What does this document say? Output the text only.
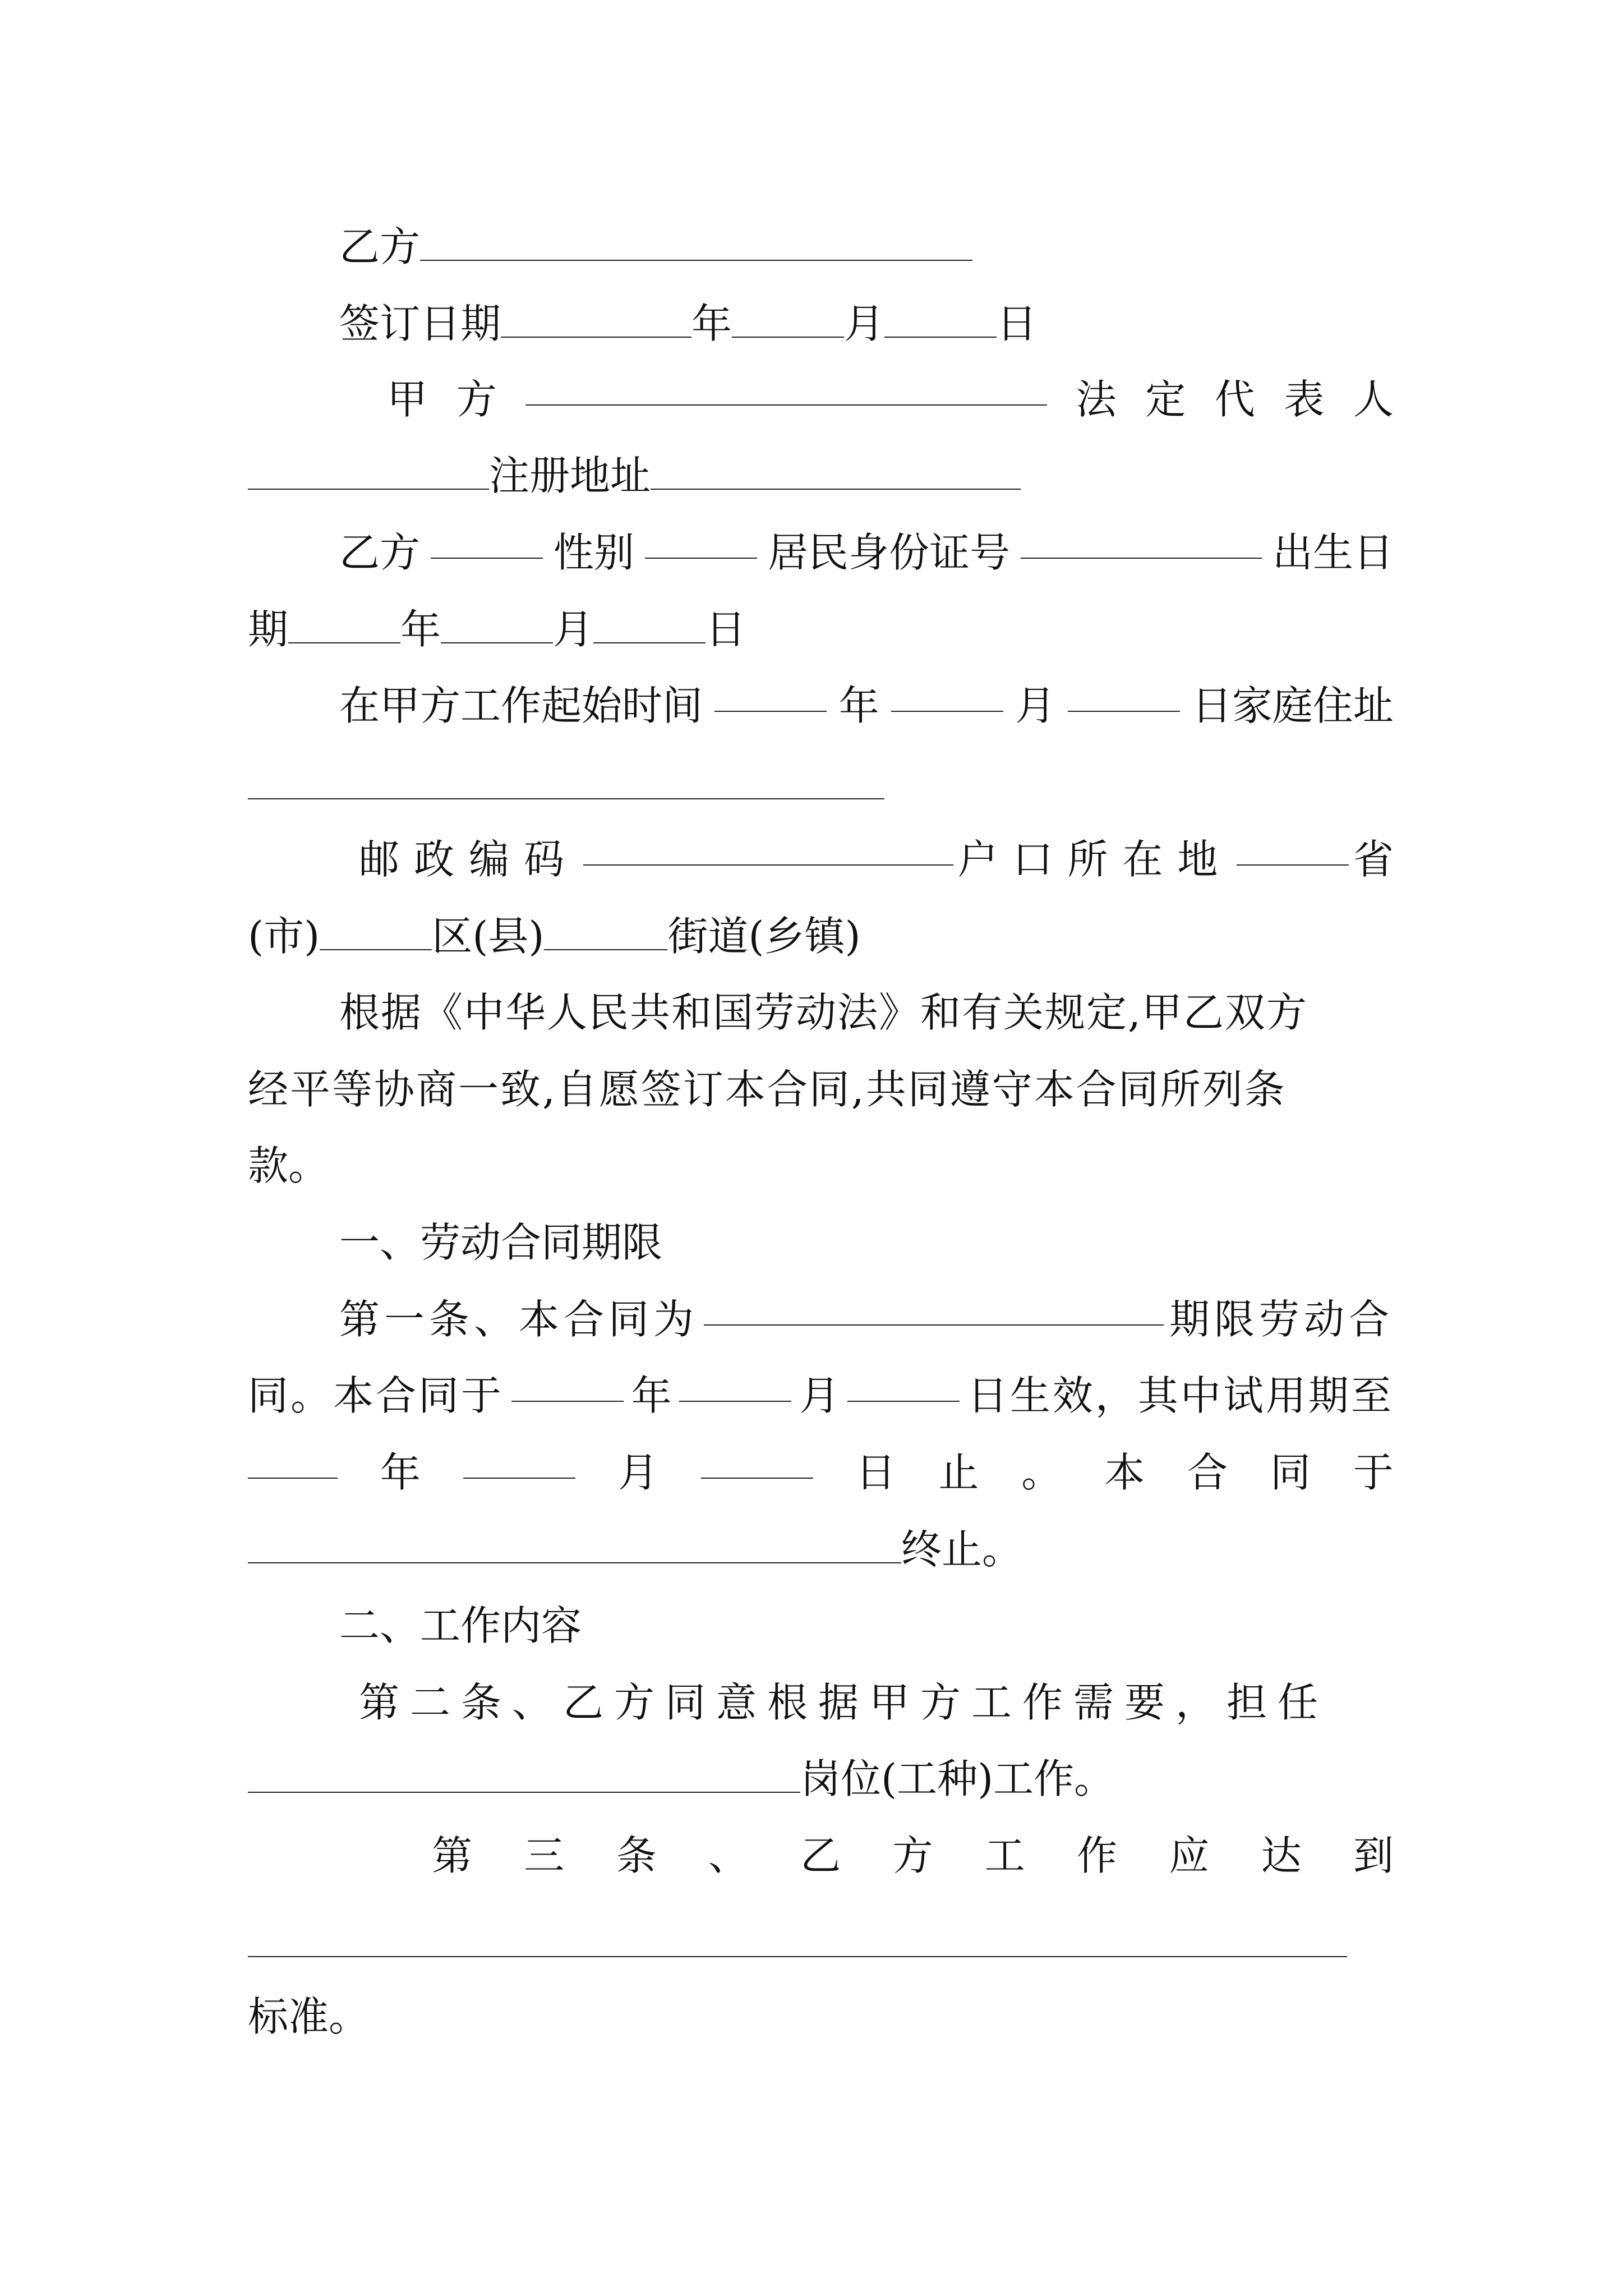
乙方
签订日期	年	月	日
甲 方	法 定 代 表 人
注册地址
乙方	性别	居民身份证号	出生日
期	年	月	日
在甲方工作起始时间	年	月	日家庭住址
邮政编码	户口所在地	省
(市)	区(县)	街道(乡镇)
根据《中华人民共和国劳动法》和有关规定,甲乙双方
经平等协商一致,自愿签订本合同,共同遵守本合同所列条
款。
一、劳动合同期限
第一条、本合同为	期限劳动合
同。本合同于	年	月	日生效，其中试用期至
年	月	日 止 。 本 合 同 于
终止。
二、工作内容
第二条、乙方同意根据甲方工作需要，担任
岗位(工种)工作。
第 三 条 、 乙 方 工 作 应 达 到
标准。
